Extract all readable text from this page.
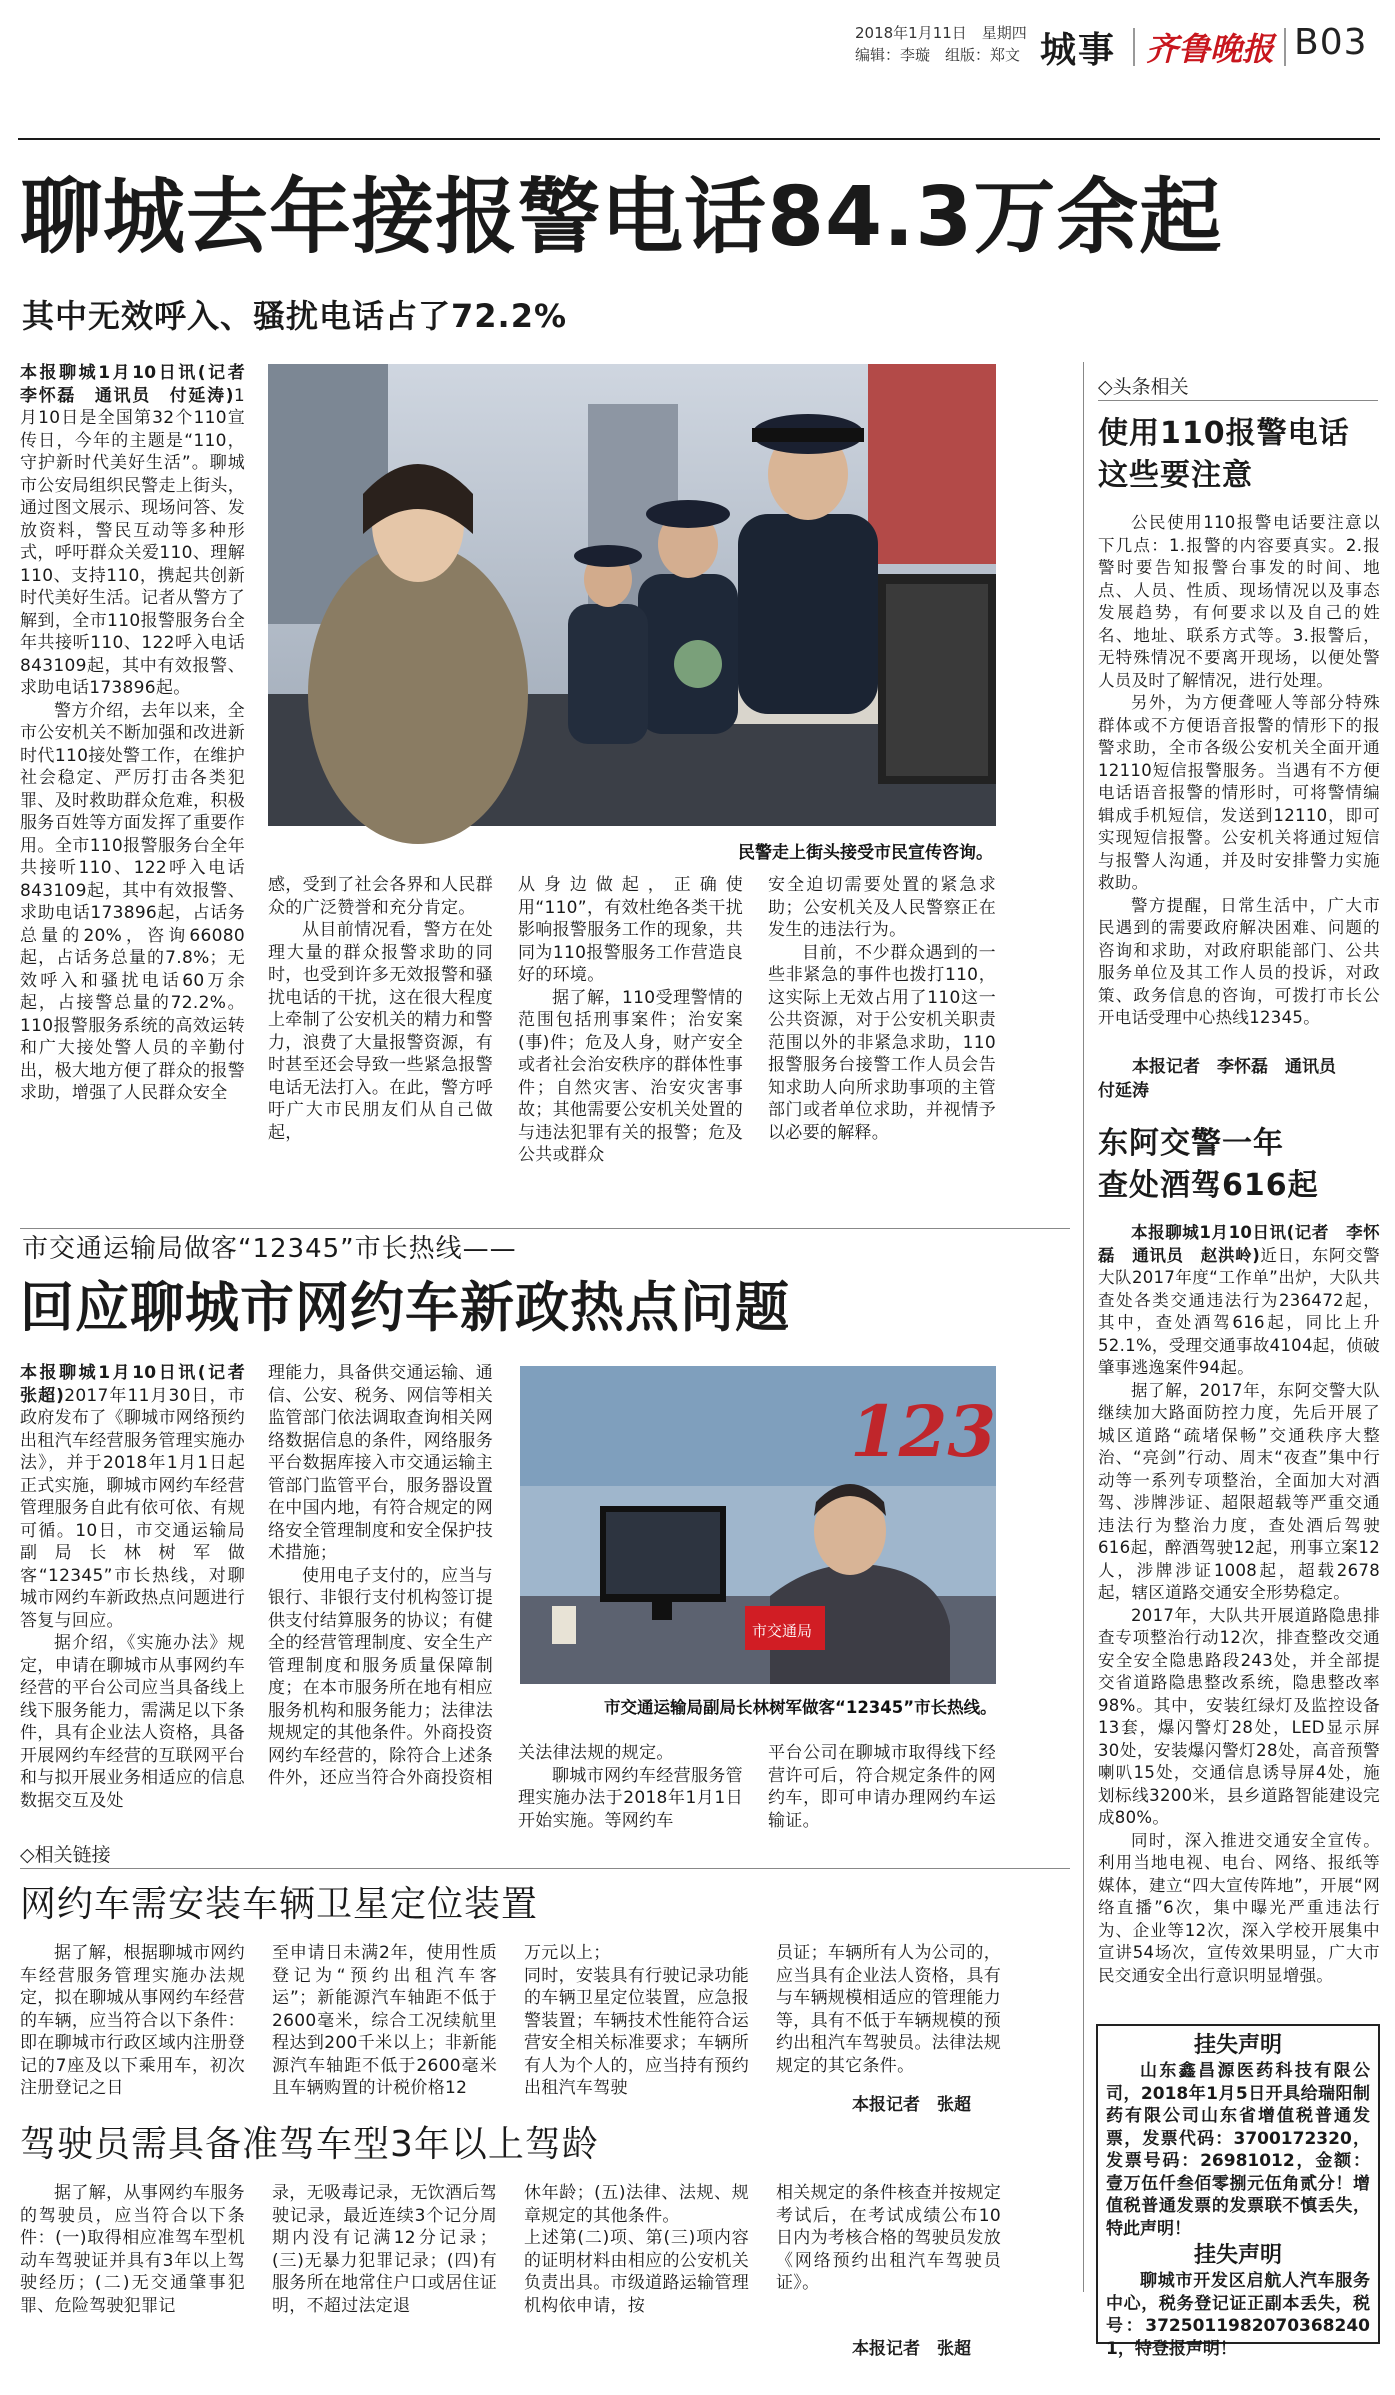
2018年1月11日　星期四
编辑：李璇　组版：郑文 城事 齐鲁晚报 B03
聊城去年接报警电话84.3万余起
其中无效呼入、骚扰电话占了72.2%

本报聊城1月10日讯(记者　李怀磊　通讯员　付延涛)1月10日是全国第32个110宣传日，今年的主题是“110，守护新时代美好生活”。聊城市公安局组织民警走上街头，通过图文展示、现场问答、发放资料，警民互动等多种形式，呼吁群众关爱110、理解110、支持110，携起共创新时代美好生活。记者从警方了解到，全市110报警服务台全年共接听110、122呼入电话843109起，其中有效报警、求助电话173896起。

警方介绍，去年以来，全市公安机关不断加强和改进新时代110接处警工作，在维护社会稳定、严厉打击各类犯罪、及时救助群众危难，积极服务百姓等方面发挥了重要作用。全市110报警服务台全年共接听110、122呼入电话843109起，其中有效报警、求助电话173896起，占话务总量的20%，咨询66080起，占话务总量的7.8%；无效呼入和骚扰电话60万余起，占接警总量的72.2%。110报警服务系统的高效运转和广大接处警人员的辛勤付出，极大地方便了群众的报警求助，增强了人民群众安全

民警走上街头接受市民宣传咨询。

感，受到了社会各界和人民群众的广泛赞誉和充分肯定。

从目前情况看，警方在处理大量的群众报警求助的同时，也受到许多无效报警和骚扰电话的干扰，这在很大程度上牵制了公安机关的精力和警力，浪费了大量报警资源，有时甚至还会导致一些紧急报警电话无法打入。在此，警方呼吁广大市民朋友们从自己做起，

从身边做起，正确使用“110”，有效杜绝各类干扰影响报警服务工作的现象，共同为110报警服务工作营造良好的环境。

据了解，110受理警情的范围包括刑事案件；治安案(事)件；危及人身，财产安全或者社会治安秩序的群体性事件；自然灾害、治安灾害事故；其他需要公安机关处置的与违法犯罪有关的报警；危及公共或群众

安全迫切需要处置的紧急求助；公安机关及人民警察正在发生的违法行为。

目前，不少群众遇到的一些非紧急的事件也拨打110，这实际上无效占用了110这一公共资源，对于公安机关职责范围以外的非紧急求助，110报警服务台接警工作人员会告知求助人向所求助事项的主管部门或者单位求助，并视情予以必要的解释。

◇头条相关
使用110报警电话
这些要注意

公民使用110报警电话要注意以下几点：1.报警的内容要真实。2.报警时要告知报警台事发的时间、地点、人员、性质、现场情况以及事态发展趋势，有何要求以及自己的姓名、地址、联系方式等。3.报警后，无特殊情况不要离开现场，以便处警人员及时了解情况，进行处理。

另外，为方便聋哑人等部分特殊群体或不方便语音报警的情形下的报警求助，全市各级公安机关全面开通12110短信报警服务。当遇有不方便电话语音报警的情形时，可将警情编辑成手机短信，发送到12110，即可实现短信报警。公安机关将通过短信与报警人沟通，并及时安排警力实施救助。

警方提醒，日常生活中，广大市民遇到的需要政府解决困难、问题的咨询和求助，对政府职能部门、公共服务单位及其工作人员的投诉，对政策、政务信息的咨询，可拨打市长公开电话受理中心热线12345。

本报记者　李怀磊　通讯员
付延涛
东阿交警一年
查处酒驾616起

本报聊城1月10日讯(记者　李怀磊　通讯员　赵洪岭)近日，东阿交警大队2017年度“工作单”出炉，大队共查处各类交通违法行为236472起，其中，查处酒驾616起，同比上升52.1%，受理交通事故4104起，侦破肇事逃逸案件94起。

据了解，2017年，东阿交警大队继续加大路面防控力度，先后开展了城区道路“疏堵保畅”交通秩序大整治、“亮剑”行动、周末“夜查”集中行动等一系列专项整治，全面加大对酒驾、涉牌涉证、超限超载等严重交通违法行为整治力度，查处酒后驾驶616起，醉酒驾驶12起，刑事立案12人，涉牌涉证1008起，超载2678起，辖区道路交通安全形势稳定。

2017年，大队共开展道路隐患排查专项整治行动12次，排查整改交通安全安全隐患路段243处，并全部提交省道路隐患整改系统，隐患整改率98%。其中，安装红绿灯及监控设备13套，爆闪警灯28处，LED显示屏30处，安装爆闪警灯28处，高音预警喇叭15处，交通信息诱导屏4处，施划标线3200米，县乡道路智能建设完成80%。

同时，深入推进交通安全宣传。利用当地电视、电台、网络、报纸等媒体，建立“四大宣传阵地”，开展“网络直播”6次，集中曝光严重违法行为、企业等12次，深入学校开展集中宣讲54场次，宣传效果明显，广大市民交通安全出行意识明显增强。

挂失声明
山东鑫昌源医药科技有限公司，2018年1月5日开具给瑞阳制药有限公司山东省增值税普通发票，发票代码：3700172320，发票号码：26981012，金额：壹万伍仟叁佰零捌元伍角贰分！增值税普通发票的发票联不慎丢失，特此声明！
挂失声明
聊城市开发区启航人汽车服务中心，税务登记证正副本丢失，税号：372501198207036824​01，特登报声明！
市交通运输局做客“12345”市长热线——
回应聊城市网约车新政热点问题

本报聊城1月10日讯(记者　张超)2017年11月30日，市政府发布了《聊城市网络预约出租汽车经营服务管理实施办法》，并于2018年1月1日起正式实施，聊城市网约车经营管理服务自此有依可依、有规可循。10日，市交通运输局副局长林树军做客“12345”市长热线，对聊城市网约车新政热点问题进行答复与回应。

据介绍，《实施办法》规定，申请在聊城市从事网约车经营的平台公司应当具备线上线下服务能力，需满足以下条件，具有企业法人资格，具备开展网约车经营的互联网平台和与拟开展业务相适应的信息数据交互及处

理能力，具备供交通运输、通信、公安、税务、网信等相关监管部门依法调取查询相关网络数据信息的条件，网络服务平台数据库接入市交通运输主管部门监管平台，服务器设置在中国内地，有符合规定的网络安全管理制度和安全保护技术措施；

使用电子支付的，应当与银行、非银行支付机构签订提供支付结算服务的协议；有健全的经营管理制度、安全生产管理制度和服务质量保障制度；在本市服务所在地有相应服务机构和服务能力；法律法规规定的其他条件。外商投资网约车经营的，除符合上述条件外，还应当符合外商投资相

123
市交通局
市交通运输局副局长林树军做客“12345”市长热线。

关法律法规的规定。

聊城市网约车经营服务管理实施办法于2018年1月1日开始实施。等网约车

平台公司在聊城市取得线下经营许可后，符合规定条件的网约车，即可申请办理网约车运输证。

◇相关链接
网约车需安装车辆卫星定位装置

据了解，根据聊城市网约车经营服务管理实施办法规定，拟在聊城从事网约车经营的车辆，应当符合以下条件：即在聊城市行政区域内注册登记的7座及以下乘用车，初次注册登记之日

至申请日未满2年，使用性质登记为“预约出租汽车客运”；新能源汽车轴距不低于2600毫米，综合工况续航里程达到200千米以上；非新能源汽车轴距不低于2600毫米且车辆购置的计税价格12

万元以上；
同时，安装具有行驶记录功能的车辆卫星定位装置，应急报警装置；车辆技术性能符合运营安全相关标准要求；车辆所有人为个人的，应当持有预约出租汽车驾驶

员证；车辆所有人为公司的，应当具有企业法人资格，具有与车辆规模相适应的管理能力等，具有不低于车辆规模的预约出租汽车驾驶员。法律法规规定的其它条件。

本报记者　张超
驾驶员需具备准驾车型3年以上驾龄

据了解，从事网约车服务的驾驶员，应当符合以下条件：(一)取得相应准驾车型机动车驾驶证并具有3年以上驾驶经历；(二)无交通肇事犯罪、危险驾驶犯罪记

录，无吸毒记录，无饮酒后驾驶记录，最近连续3个记分周期内没有记满12分记录；(三)无暴力犯罪记录；(四)有服务所在地常住户口或居住证明，不超过法定退

休年龄；(五)法律、法规、规章规定的其他条件。
上述第(二)项、第(三)项内容的证明材料由相应的公安机关负责出具。市级道路运输管理机构依申请，按

相关规定的条件核查并按规定考试后，在考试成绩公布10日内为考核合格的驾驶员发放《网络预约出租汽车驾驶员证》。

本报记者　张超
